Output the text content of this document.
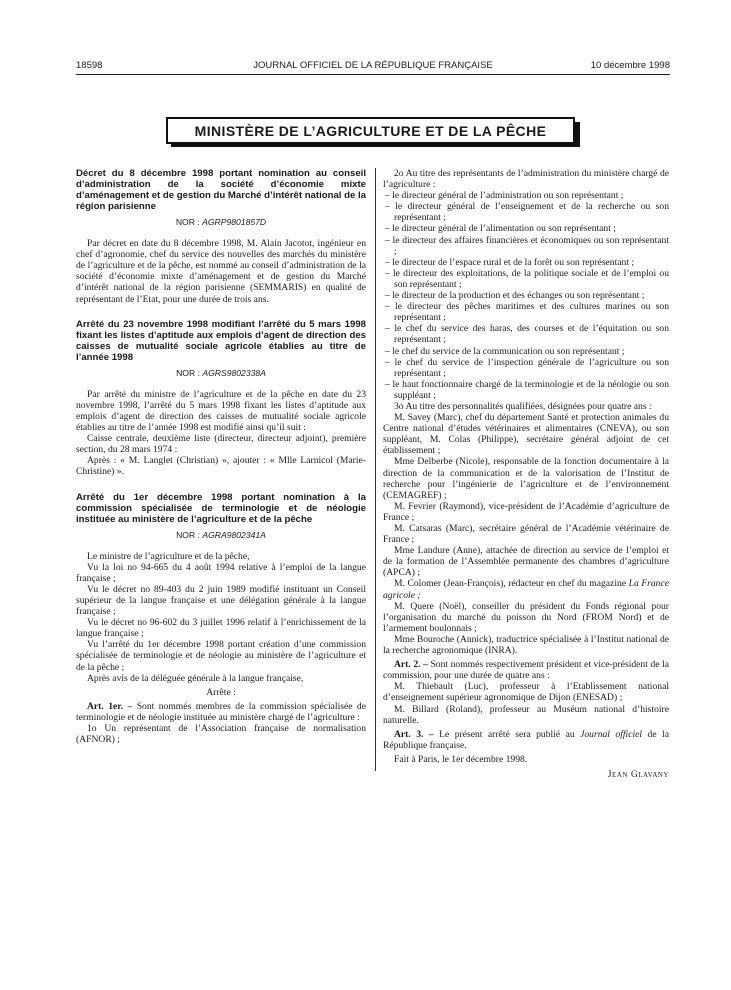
18598	JOURNAL OFFICIEL DE LA RÉPUBLIQUE FRANÇAISE	10 décembre 1998
MINISTÈRE DE L’AGRICULTURE ET DE LA PÊCHE
Décret du 8 décembre 1998 portant nomination au conseil d’administration de la société d’économie mixte d’aménagement et de gestion du Marché d’intérêt national de la région parisienne
NOR : AGRP9801857D

Par décret en date du 8 décembre 1998, M. Alain Jacotot, ingénieur en chef d’agronomie, chef du service des nouvelles des marchés du ministère de l’agriculture et de la pêche, est nommé au conseil d’administration de la société d’économie mixte d’aménagement et de gestion du Marché d’intérêt national de la région parisienne (SEMMARIS) en qualité de représentant de l’Etat, pour une durée de trois ans.

Arrêté du 23 novembre 1998 modifiant l’arrêté du 5 mars 1998 fixant les listes d’aptitude aux emplois d’agent de direction des caisses de mutualité sociale agricole établies au titre de l’année 1998
NOR : AGRS9802338A

Par arrêté du ministre de l’agriculture et de la pêche en date du 23 novembre 1998, l’arrêté du 5 mars 1998 fixant les listes d’aptitude aux emplois d’agent de direction des caisses de mutualité sociale agricole établies au titre de l’année 1998 est modifié ainsi qu’il suit :

Caisse centrale, deuxième liste (directeur, directeur adjoint), première section, du 28 mars 1974 :

Après : « M. Langlet (Christian) », ajouter : « Mlle Larnicol (Marie-Christine) ».

Arrêté du 1er décembre 1998 portant nomination à la commission spécialisée de terminologie et de néologie instituée au ministère de l’agriculture et de la pêche
NOR : AGRA9802341A

Le ministre de l’agriculture et de la pêche,

Vu la loi no 94-665 du 4 août 1994 relative à l’emploi de la langue française ;

Vu le décret no 89-403 du 2 juin 1989 modifié instituant un Conseil supérieur de la langue française et une délégation générale à la langue française ;

Vu le décret no 96-602 du 3 juillet 1996 relatif à l’enrichissement de la langue française ;

Vu l’arrêté du 1er décembre 1998 portant création d’une commission spécialisée de terminologie et de néologie au ministère de l’agriculture et de la pêche ;

Après avis de la déléguée générale à la langue française,

Arrête :

Art. 1er. – Sont nommés membres de la commission spécialisée de terminologie et de néologie instituée au ministère chargé de l’agriculture :

1o Un représentant de l’Association française de normalisation (AFNOR) ;

2o Au titre des représentants de l’administration du ministère chargé de l’agriculture :

– le directeur général de l’administration ou son représentant ;
– le directeur général de l’enseignement et de la recherche ou son représentant ;
– le directeur général de l’alimentation ou son représentant ;
– le directeur des affaires financières et économiques ou son représentant ;
– le directeur de l’espace rural et de la forêt ou son représentant ;
– le directeur des exploitations, de la politique sociale et de l’emploi ou son représentant ;
– le directeur de la production et des échanges ou son représentant ;
– le directeur des pêches maritimes et des cultures marines ou son représentant ;
– le chef du service des haras, des courses et de l’équitation ou son représentant ;
– le chef du service de la communication ou son représentant ;
– le chef du service de l’inspection générale de l’agriculture ou son représentant ;
– le haut fonctionnaire chargé de la terminologie et de la néologie ou son suppléant ;

3o Au titre des personnalités qualifiées, désignées pour quatre ans :

M. Savey (Marc), chef du département Santé et protection animales du Centre national d’études vétérinaires et alimentaires (CNEVA), ou son suppléant, M. Colas (Philippe), secrétaire général adjoint de cet établissement ;

Mme Delberbe (Nicole), responsable de la fonction documentaire à la direction de la communication et de la valorisation de l’Institut de recherche pour l’ingénierie de l’agriculture et de l’environnement (CEMAGREF) ;

M. Fevrier (Raymond), vice-président de l’Académie d’agriculture de France ;

M. Catsaras (Marc), secrétaire général de l’Académie vétérinaire de France ;

Mme Landure (Anne), attachée de direction au service de l’emploi et de la formation de l’Assemblée permanente des chambres d’agriculture (APCA) ;

M. Colomer (Jean-François), rédacteur en chef du magazine La France agricole ;

M. Quere (Noël), conseiller du président du Fonds régional pour l’organisation du marché du poisson du Nord (FROM Nord) et de l’armement boulonnais ;

Mme Bouroche (Annick), traductrice spécialisée à l’Institut national de la recherche agronomique (INRA).

Art. 2. – Sont nommés respectivement président et vice-président de la commission, pour une durée de quatre ans :

M. Thiebault (Luc), professeur à l’Etablissement national d’enseignement supérieur agronomique de Dijon (ENESAD) ;

M. Billard (Roland), professeur au Muséum national d’histoire naturelle.

Art. 3. – Le présent arrêté sera publié au Journal officiel de la République française.

Fait à Paris, le 1er décembre 1998.

Jean Glavany
